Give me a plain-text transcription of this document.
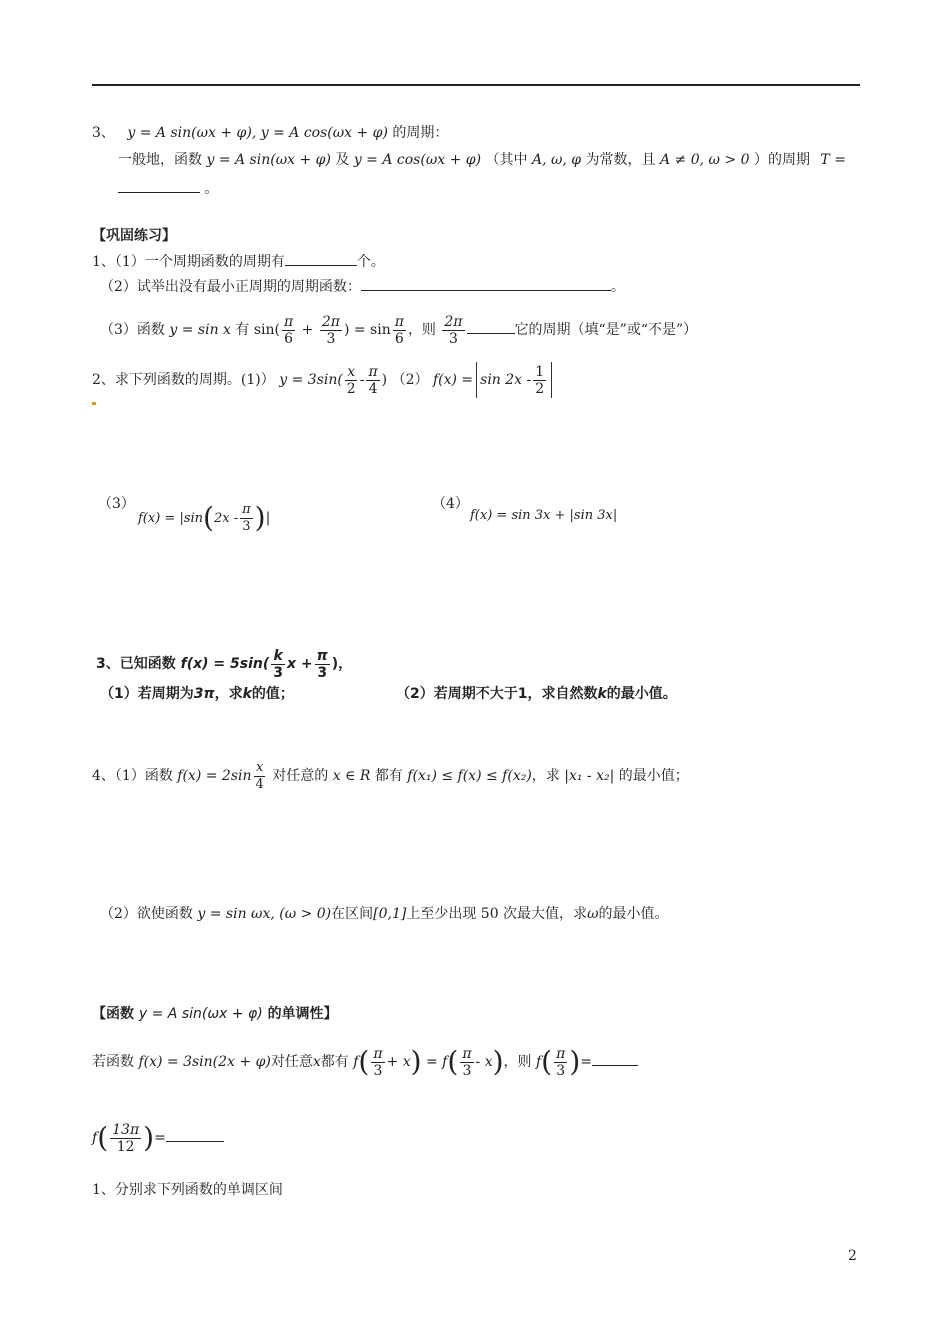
3、 y = A sin(ωx + φ), y = A cos(ωx + φ) 的周期：
一般地，函数 y = A sin(ωx + φ) 及 y = A cos(ωx + φ) （其中 A, ω, φ 为常数，且 A ≠ 0, ω > 0 ）的周期 T =
。
【巩固练习】
1、（1）一个周期函数的周期有	个。
（2）试举出没有最小正周期的周期函数：	。
（3）函数 y = sin x 有 $\sin( \frac{\pi}{6} + \frac{2\pi}{3}$ ) = $\sin \frac{\pi}{6}$ ，则 $\frac{2\pi}{3}$	它的周期（填“是”或“不是”）
2、求下列函数的周期。(1)） $y = 3\sin( \frac{x}{2} - \frac{\pi}{4}$ ) （2） $f(x) = \sin 2x - \frac{1}{2}$
（3）
$f(x) = |\sin(2x - \frac{\pi}{3}$ )|
（4）
f(x) = sin 3x + |sin 3x|
3、已知函数 $f(x) = 5\sin( \frac{k}{3}$ $x + \frac{\pi}{3}$ )，
（1）若周期为3π，求k的值；	（2）若周期不大于1，求自然数k的最小值。
4、（1）函数 $f(x) = 2\sin \frac{x}{4}$ 对任意的 x ∈ R 都有 f(x₁) ≤ f(x) ≤ f(x₂)，求 |x₁ - x₂| 的最小值；
（2）欲使函数 y = sin ωx, (ω > 0)在区间[0,1]上至少出现 50 次最大值，求ω的最小值。
【函数 y = A sin(ωx + φ) 的单调性】
若函数 f(x) = 3sin(2x + φ)对任意x都有 $f( \frac{\pi}{3} + x) = f( \frac{\pi}{3} - x)$，则 $f( \frac{\pi}{3}$ )=
$f( \frac{13\pi}{12}$ )=
1、分别求下列函数的单调区间
2
